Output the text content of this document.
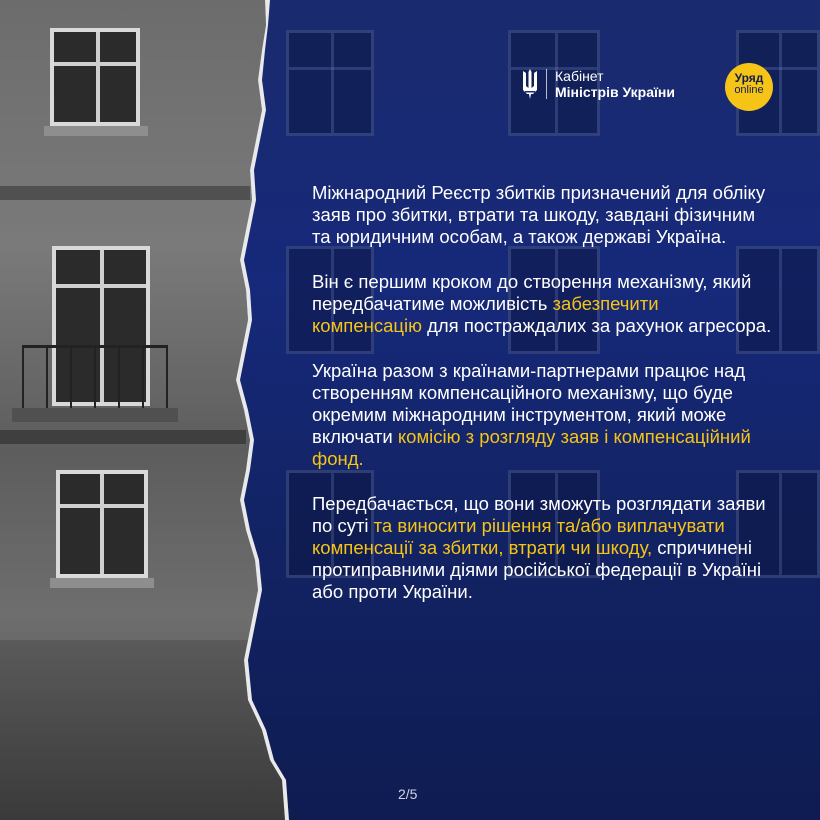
Кабінет
Міністрів України
Уряд
online

Міжнародний Реєстр збитків призначений для обліку заяв про збитки, втрати та шкоду, завдані фізичним та юридичним особам, а також державі Україна.

Він є першим кроком до створення механізму, який передбачатиме можливість забезпечити компенсацію для постраждалих за рахунок агресора.

Україна разом з країнами-партнерами працює над створенням компенсаційного механізму, що буде окремим міжнародним інструментом, який може включати комісію з розгляду заяв і компенсаційний фонд.

Передбачається, що вони зможуть розглядати заяви по суті та виносити рішення та/або виплачувати компенсації за збитки, втрати чи шкоду, спричинені протиправними діями російської федерації в Україні або проти України.

2/5
